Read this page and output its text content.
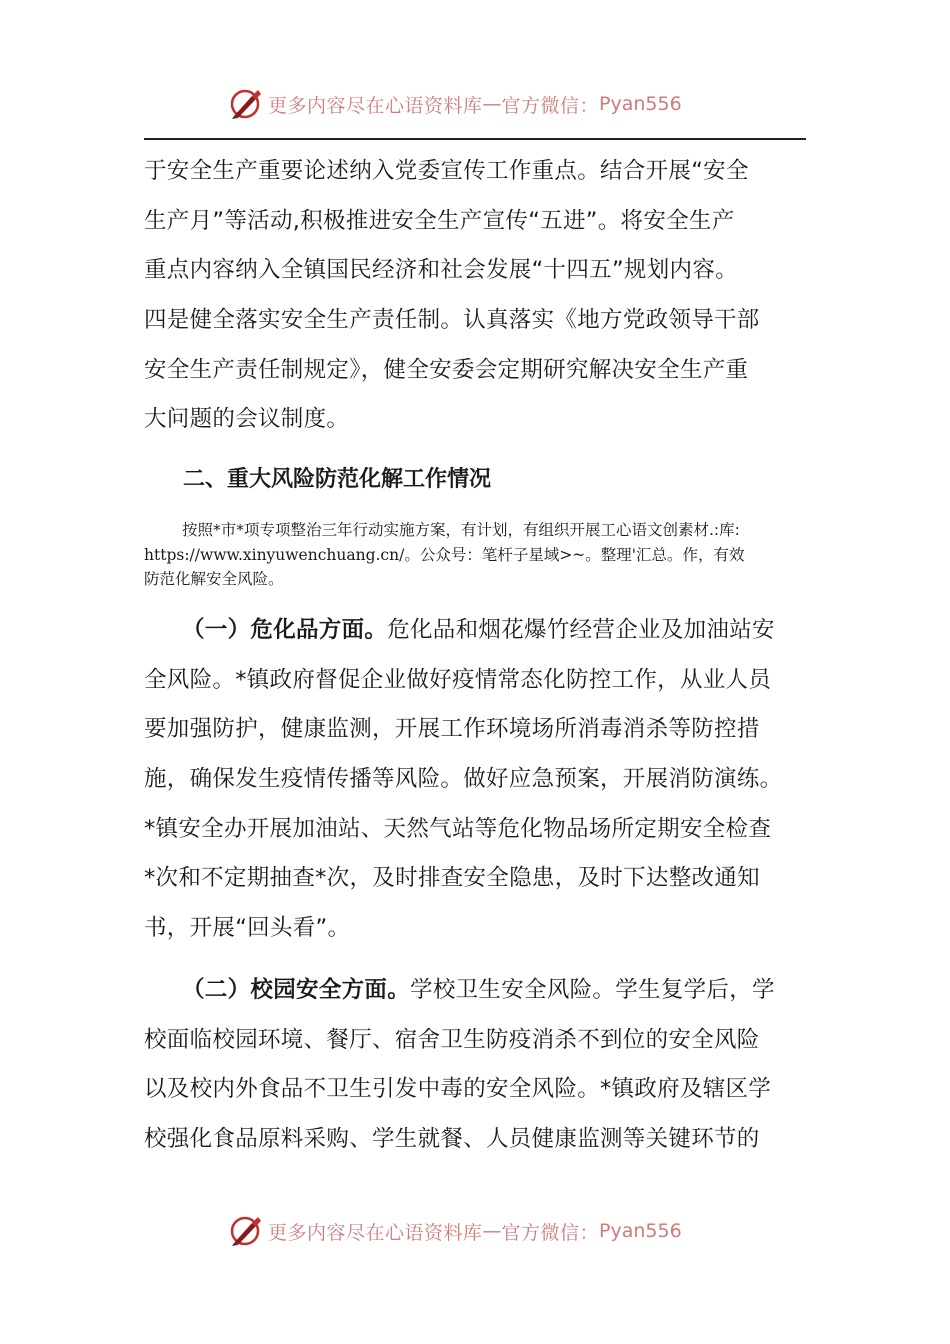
更多内容尽在心语资料库 — 官方微信： Pyan556
于安全生产重要论述纳入党委宣传工作重点。结合开展“安全
生产月”等活动,积极推进安全生产宣传“五进”。将安全生产
重点内容纳入全镇国民经济和社会发展“十四五”规划内容。
四是健全落实安全生产责任制。认真落实《地方党政领导干部
安全生产责任制规定》，健全安委会定期研究解决安全生产重
大问题的会议制度。
二、重大风险防范化解工作情况
按照*市*项专项整治三年行动实施方案，有计划，有组织开展工心语文创素材.:库:
https://www.xinyuwenchuang.cn/。公众号：笔杆子星域>~。整理'汇总。作，有效
防范化解安全风险。
（一）危化品方面。危化品和烟花爆竹经营企业及加油站安
全风险。*镇政府督促企业做好疫情常态化防控工作，从业人员
要加强防护，健康监测，开展工作环境场所消毒消杀等防控措
施，确保发生疫情传播等风险。做好应急预案，开展消防演练。
*镇安全办开展加油站、天然气站等危化物品场所定期安全检查
*次和不定期抽查*次，及时排查安全隐患，及时下达整改通知
书，开展“回头看”。
（二）校园安全方面。学校卫生安全风险。学生复学后，学
校面临校园环境、餐厅、宿舍卫生防疫消杀不到位的安全风险
以及校内外食品不卫生引发中毒的安全风险。*镇政府及辖区学
校强化食品原料采购、学生就餐、人员健康监测等关键环节的
更多内容尽在心语资料库 — 官方微信： Pyan556
